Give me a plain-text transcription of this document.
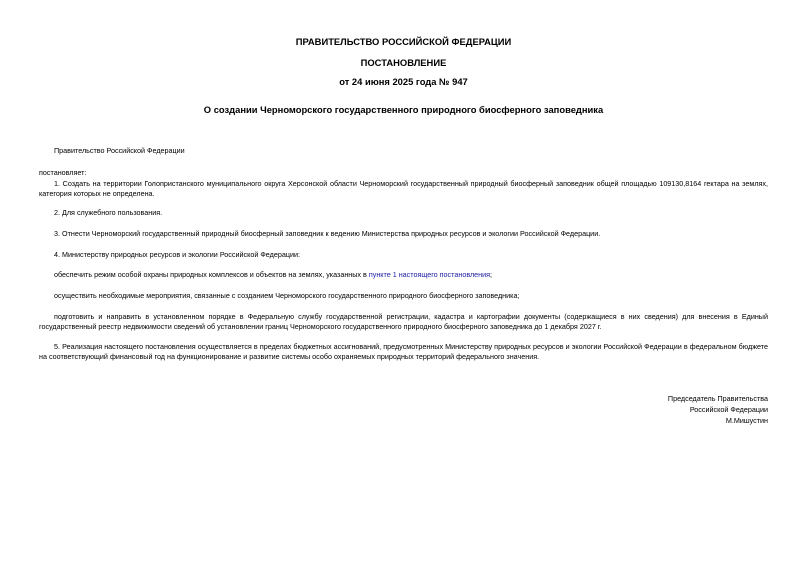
ПРАВИТЕЛЬСТВО РОССИЙСКОЙ ФЕДЕРАЦИИ
ПОСТАНОВЛЕНИЕ
от 24 июня 2025 года № 947
О создании Черноморского государственного природного биосферного заповедника
Правительство Российской Федерации
постановляет:
1. Создать на территории Голопристанского муниципального округа Херсонской области Черноморский государственный природный биосферный заповедник общей площадью 109130,8164 гектара на землях, категория которых не определена.
2. Для служебного пользования.
3. Отнести Черноморский государственный природный биосферный заповедник к ведению Министерства природных ресурсов и экологии Российской Федерации.
4. Министерству природных ресурсов и экологии Российской Федерации:
обеспечить режим особой охраны природных комплексов и объектов на землях, указанных в пункте 1 настоящего постановления;
осуществить необходимые мероприятия, связанные с созданием Черноморского государственного природного биосферного заповедника;
подготовить и направить в установленном порядке в Федеральную службу государственной регистрации, кадастра и картографии документы (содержащиеся в них сведения) для внесения в Единый государственный реестр недвижимости сведений об установлении границ Черноморского государственного природного биосферного заповедника до 1 декабря 2027 г.
5. Реализация настоящего постановления осуществляется в пределах бюджетных ассигнований, предусмотренных Министерству природных ресурсов и экологии Российской Федерации в федеральном бюджете на соответствующий финансовый год на функционирование и развитие системы особо охраняемых природных территорий федерального значения.
Председатель Правительства
Российской Федерации
М.Мишустин
